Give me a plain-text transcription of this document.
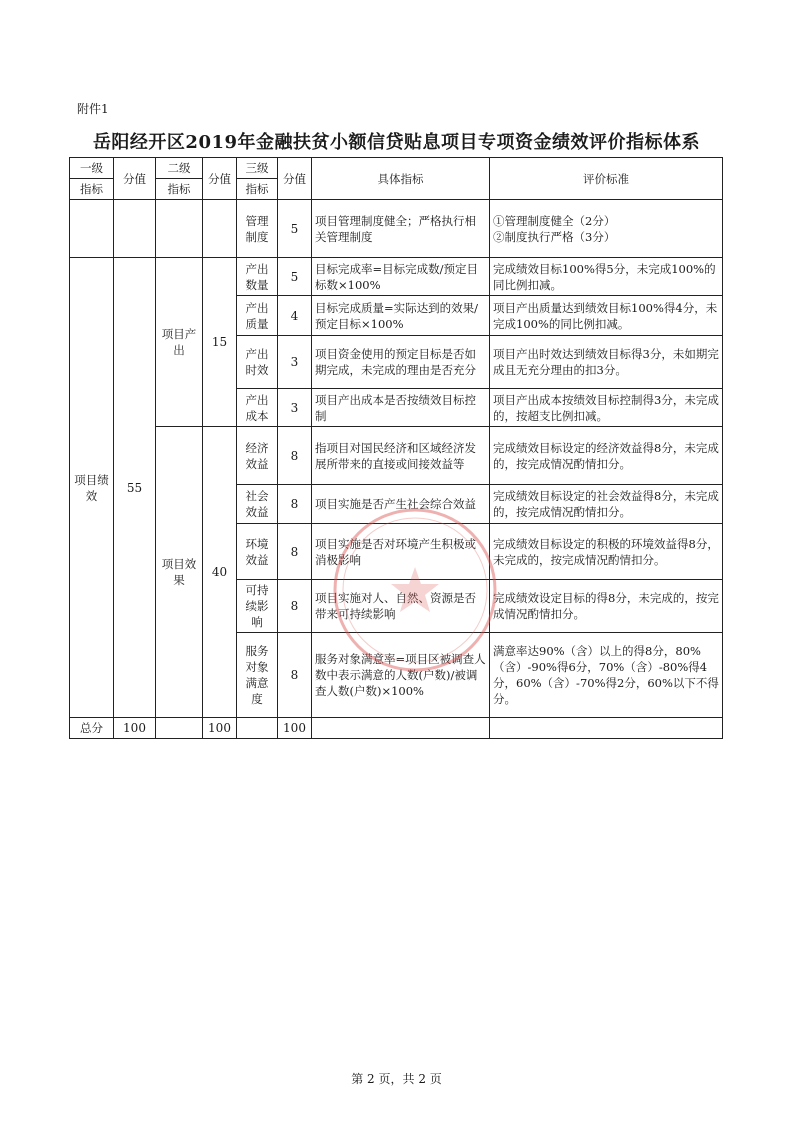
附件1
岳阳经开区2019年金融扶贫小额信贷贴息项目专项资金绩效评价指标体系
一级	分值	二级	分值	三级	分值	具体指标	评价标准
指标		指标		指标			
				管理制度	5	项目管理制度健全；严格执行相关管理制度	①管理制度健全（2分）
②制度执行严格（3分）

项目绩效	55	项目产出	15	产出数量	5	目标完成率=目标完成数/预定目标数×100%	完成绩效目标100%得5分，未完成100%的同比例扣减。
				产出质量	4	目标完成质量=实际达到的效果/预定目标×100%	项目产出质量达到绩效目标100%得4分，未完成100%的同比例扣减。
				产出时效	3	项目资金使用的预定目标是否如期完成，未完成的理由是否充分	项目产出时效达到绩效目标得3分，未如期完成且无充分理由的扣3分。
				产出成本	3	项目产出成本是否按绩效目标控制	项目产出成本按绩效目标控制得3分，未完成的，按超支比例扣减。
		项目效果	40	经济效益	8	指项目对国民经济和区域经济发展所带来的直接或间接效益等	完成绩效目标设定的经济效益得8分，未完成的，按完成情况酌情扣分。
				社会效益	8	项目实施是否产生社会综合效益	完成绩效目标设定的社会效益得8分，未完成的，按完成情况酌情扣分。
				环境效益	8	项目实施是否对环境产生积极或消极影响	完成绩效目标设定的积极的环境效益得8分，未完成的，按完成情况酌情扣分。
				可持续影响	8	项目实施对人、自然、资源是否带来可持续影响	完成绩效设定目标的得8分，未完成的，按完成情况酌情扣分。
				服务对象满意度	8	服务对象满意率=项目区被调查人数中表示满意的人数(户数)/被调查人数(户数)×100%	满意率达90%（含）以上的得8分，80%（含）-90%得6分，70%（含）-80%得4分，60%（含）-70%得2分，60%以下不得分。
总分	100		100		100		
第 2 页，共 2 页
